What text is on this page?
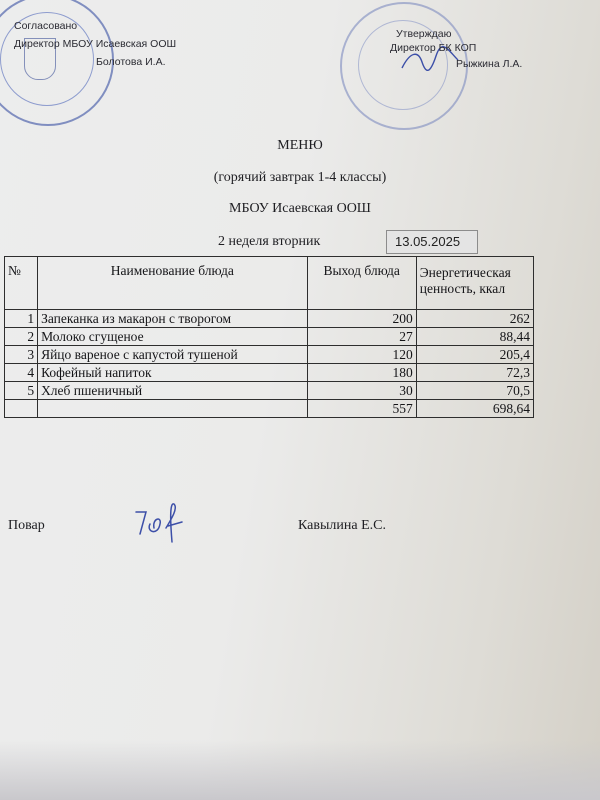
Согласовано
Директор МБОУ Исаевская ООШ
Болотова И.А.
Утверждаю
Директор БК КОП
Рыжкина Л.А.
МЕНЮ
(горячий завтрак 1-4 классы)
МБОУ Исаевская ООШ
2 неделя вторник	13.05.2025
№	Наименование блюда	Выход блюда	Энергетическая ценность, ккал
1	Запеканка из макарон с творогом	200	262
2	Молоко сгущеное	27	88,44
3	Яйцо вареное с капустой тушеной	120	205,4
4	Кофейный напиток	180	72,3
5	Хлеб пшеничный	30	70,5
		557	698,64
Повар	Кавылина Е.С.
